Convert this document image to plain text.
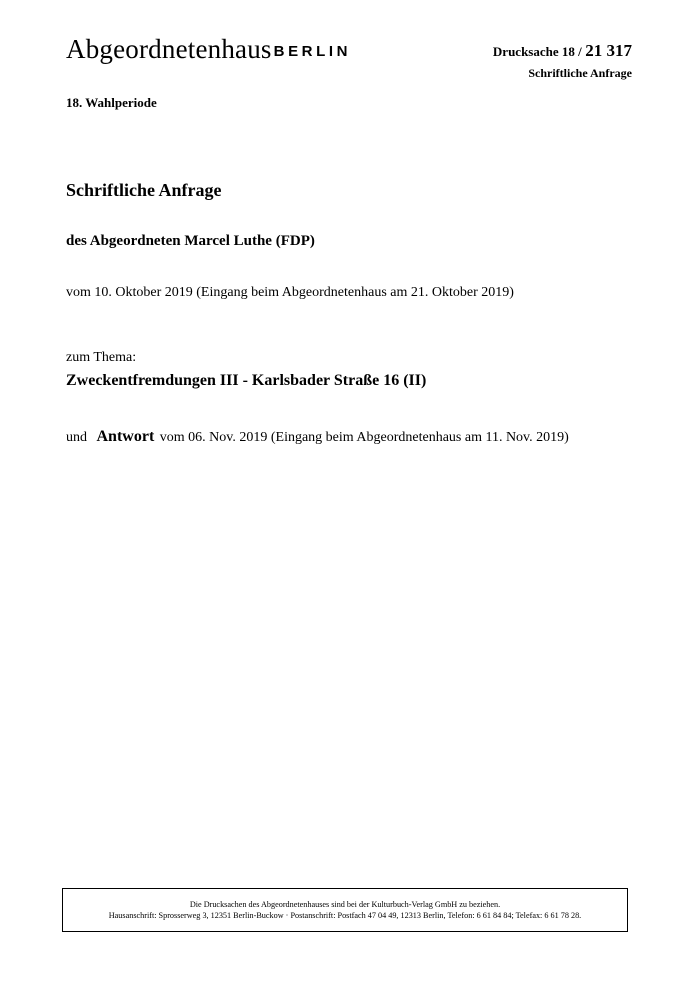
Abgeordnetenhaus BERLIN	Drucksache 18 / 21 317
Schriftliche Anfrage
18. Wahlperiode
Schriftliche Anfrage
des Abgeordneten Marcel Luthe (FDP)
vom 10. Oktober 2019 (Eingang beim Abgeordnetenhaus am 21. Oktober 2019)
zum Thema:
Zweckentfremdungen III - Karlsbader Straße 16 (II)
und Antwort vom 06. Nov. 2019 (Eingang beim Abgeordnetenhaus am 11. Nov. 2019)
Die Drucksachen des Abgeordnetenhauses sind bei der Kulturbuch-Verlag GmbH zu beziehen.
Hausanschrift: Sprosserweg 3, 12351 Berlin-Buckow · Postanschrift: Postfach 47 04 49, 12313 Berlin, Telefon: 6 61 84 84; Telefax: 6 61 78 28.
